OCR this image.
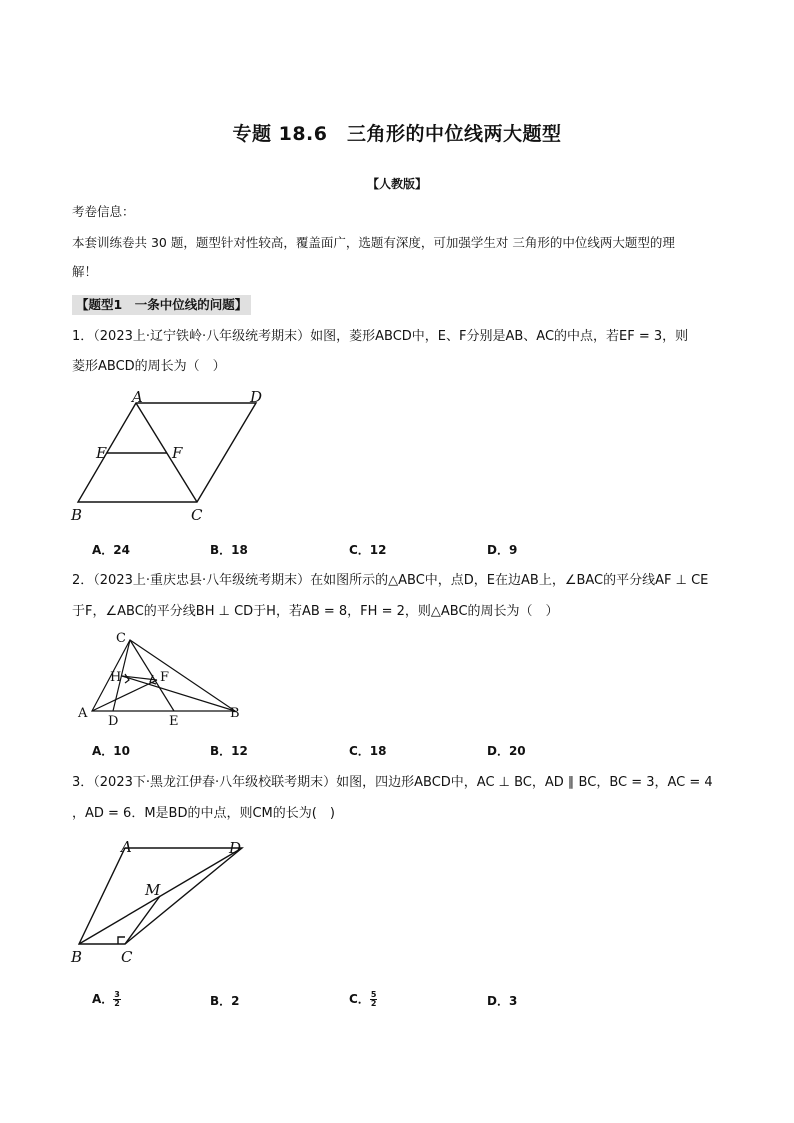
专题 18.6　三角形的中位线两大题型
【人教版】
考卷信息：
本套训练卷共 30 题，题型针对性较高，覆盖面广，选题有深度，可加强学生对 三角形的中位线两大题型的理
解！
【题型1　一条中位线的问题】
1．（2023上·辽宁铁岭·八年级统考期末）如图，菱形ABCD中，E、F分别是AB、AC的中点，若EF = 3，则
菱形ABCD的周长为（　）
A	D
E	F
B	C
A．24	B．18	C．12	D．9
2．（2023上·重庆忠县·八年级统考期末）在如图所示的△ABC中，点D，E在边AB上，∠BAC的平分线AF ⊥ CE
于F，∠ABC的平分线BH ⊥ CD于H，若AB = 8，FH = 2，则△ABC的周长为（　）
C
H	F
A
D	E
B
A．10	B．12	C．18	D．20
3．（2023下·黑龙江伊春·八年级校联考期末）如图，四边形ABCD中，AC ⊥ BC，AD ∥ BC，BC = 3，AC = 4
，AD = 6．M是BD的中点，则CM的长为(　)
A	D
M
B	C
A． $\frac{3}{2}$	B．2	C． $\frac{5}{2}$	D．3
